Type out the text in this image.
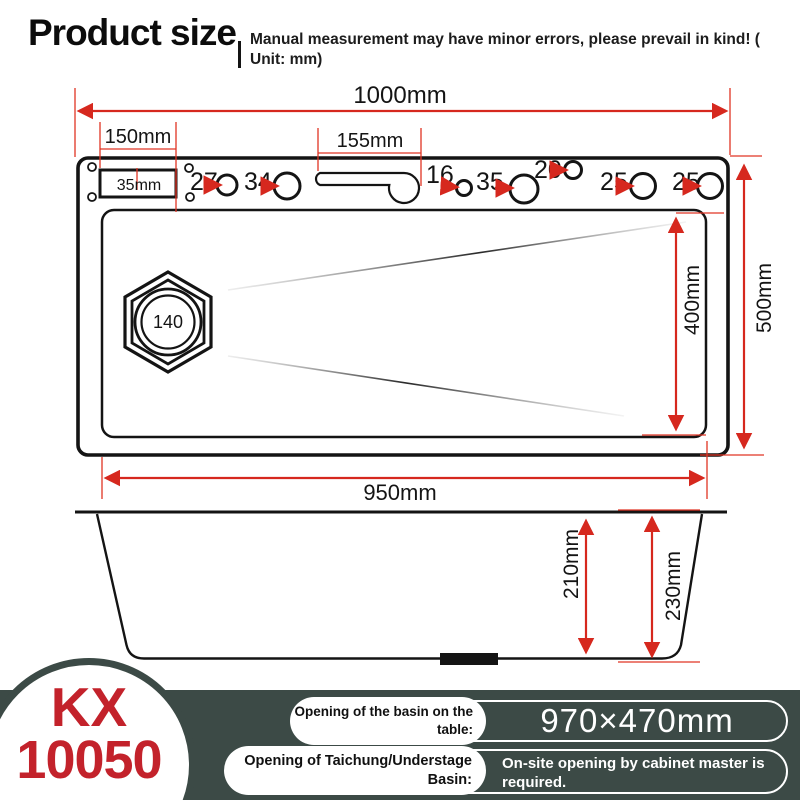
Product size Manual measurement may have minor errors, please prevail in kind! ( Unit: mm)
35mm 27 34	16 35 20 25 25
140
1000mm
150mm	155mm
950mm
400mm 500mm
210mm	230mm
970×470mm
Opening of the basin on the table:
On-site opening by cabinet master is required.
Opening of Taichung/Understage Basin:
KX
10050
